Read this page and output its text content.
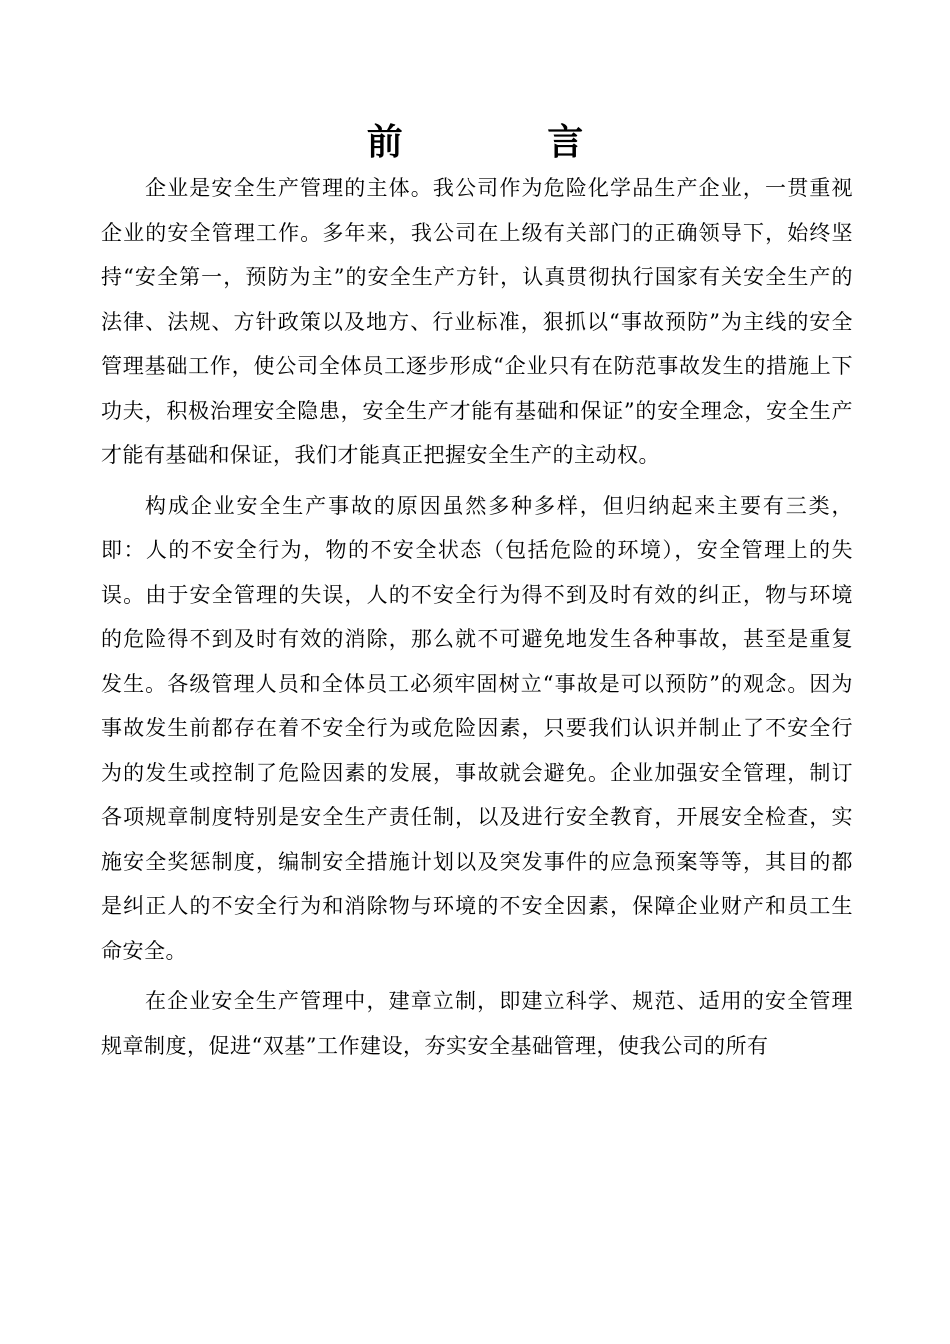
前 言

企业是安全生产管理的主体。我公司作为危险化学品生产企业，一贯重视企业的安全管理工作。多年来，我公司在上级有关部门的正确领导下，始终坚持“安全第一，预防为主”的安全生产方针，认真贯彻执行国家有关安全生产的法律、法规、方针政策以及地方、行业标准，狠抓以“事故预防”为主线的安全管理基础工作，使公司全体员工逐步形成“企业只有在防范事故发生的措施上下功夫，积极治理安全隐患，安全生产才能有基础和保证”的安全理念，安全生产才能有基础和保证，我们才能真正把握安全生产的主动权。

构成企业安全生产事故的原因虽然多种多样，但归纳起来主要有三类，即：人的不安全行为，物的不安全状态（包括危险的环境），安全管理上的失误。由于安全管理的失误，人的不安全行为得不到及时有效的纠正，物与环境的危险得不到及时有效的消除，那么就不可避免地发生各种事故，甚至是重复发生。各级管理人员和全体员工必须牢固树立“事故是可以预防”的观念。因为事故发生前都存在着不安全行为或危险因素，只要我们认识并制止了不安全行为的发生或控制了危险因素的发展，事故就会避免。企业加强安全管理，制订各项规章制度特别是安全生产责任制，以及进行安全教育，开展安全检查，实施安全奖惩制度，编制安全措施计划以及突发事件的应急预案等等，其目的都是纠正人的不安全行为和消除物与环境的不安全因素，保障企业财产和员工生命安全。

在企业安全生产管理中，建章立制，即建立科学、规范、适用的安全管理规章制度，促进“双基”工作建设，夯实安全基础管理，使我公司的所有
